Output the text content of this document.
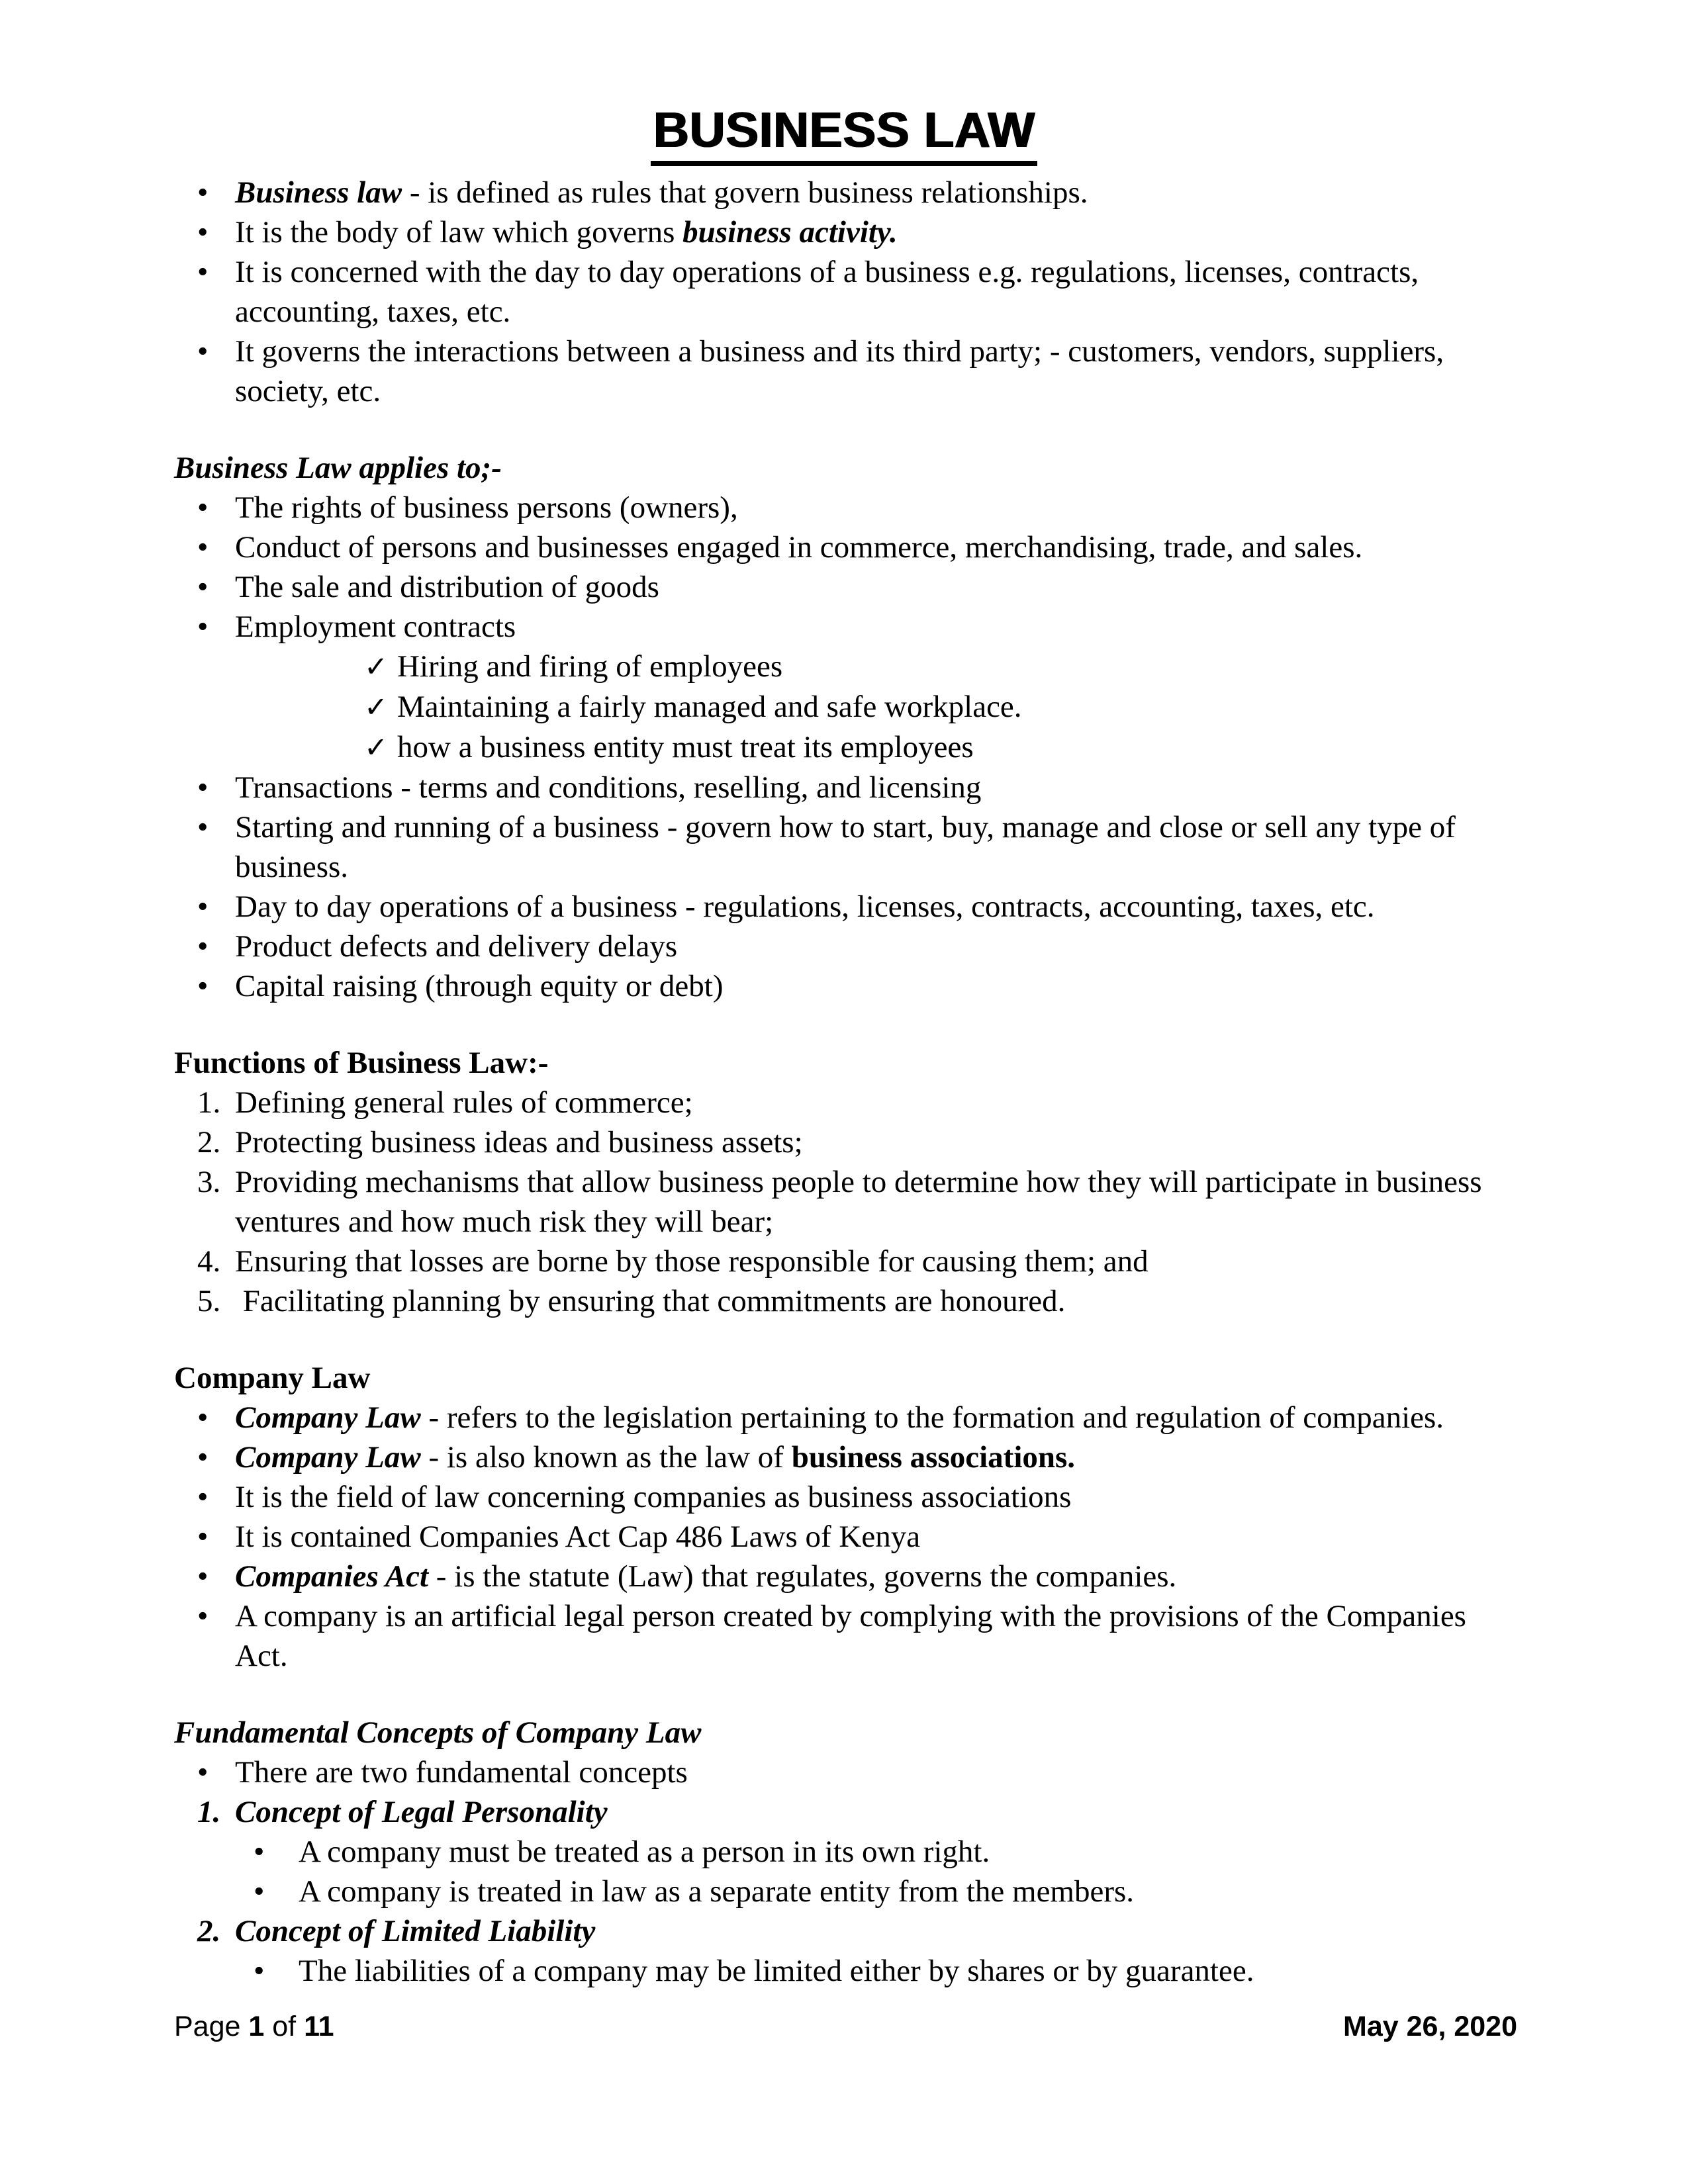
BUSINESS LAW
• Business law - is defined as rules that govern business relationships.
• It is the body of law which governs business activity.
• It is concerned with the day to day operations of a business e.g. regulations, licenses, contracts, accounting, taxes, etc.
• It governs the interactions between a business and its third party; - customers, vendors, suppliers, society, etc.
Business Law applies to;-
• The rights of business persons (owners),
• Conduct of persons and businesses engaged in commerce, merchandising, trade, and sales.
• The sale and distribution of goods
• Employment contracts
✓ Hiring and firing of employees
✓ Maintaining a fairly managed and safe workplace.
✓ how a business entity must treat its employees
• Transactions - terms and conditions, reselling, and licensing
• Starting and running of a business - govern how to start, buy, manage and close or sell any type of business.
• Day to day operations of a business - regulations, licenses, contracts, accounting, taxes, etc.
• Product defects and delivery delays
• Capital raising (through equity or debt)
Functions of Business Law:-
1. Defining general rules of commerce;
2. Protecting business ideas and business assets;
3. Providing mechanisms that allow business people to determine how they will participate in business ventures and how much risk they will bear;
4. Ensuring that losses are borne by those responsible for causing them; and
5. Facilitating planning by ensuring that commitments are honoured.
Company Law
• Company Law - refers to the legislation pertaining to the formation and regulation of companies.
• Company Law - is also known as the law of business associations.
• It is the field of law concerning companies as business associations
• It is contained Companies Act Cap 486 Laws of Kenya
• Companies Act - is the statute (Law) that regulates, governs the companies.
• A company is an artificial legal person created by complying with the provisions of the Companies Act.
Fundamental Concepts of Company Law
• There are two fundamental concepts
1. Concept of Legal Personality
•	A company must be treated as a person in its own right.
•	A company is treated in law as a separate entity from the members.
2. Concept of Limited Liability
•	The liabilities of a company may be limited either by shares or by guarantee.
Page 1 of 11	May 26, 2020
